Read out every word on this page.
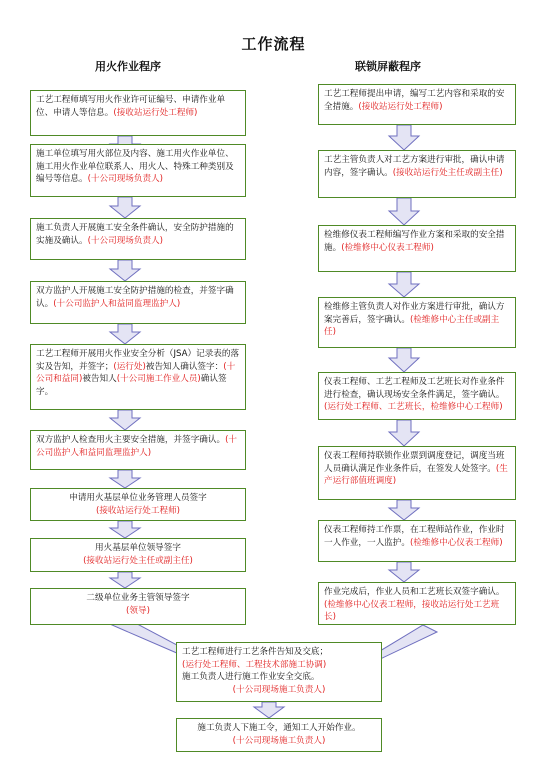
工作流程
用火作业程序	联锁屏蔽程序
工艺工程师填写用火作业许可证编号、申请作业单位、申请人等信息。(接收站运行处工程师)
施工单位填写用火部位及内容、施工用火作业单位、施工用火作业单位联系人、用火人、特殊工种类别及编号等信息。(十公司现场负责人)
施工负责人开展施工安全条件确认，安全防护措施的实施及确认。(十公司现场负责人)
双方监护人开展施工安全防护措施的检查，并签字确认。(十公司监护人和益同监理监护人)
工艺工程师开展用火作业安全分析（JSA）记录表的落实及告知，并签字；(运行处)被告知人确认签字：(十公司和益同)被告知人(十公司施工作业人员)确认签字。
双方监护人检查用火主要安全措施，并签字确认。(十公司监护人和益同监理监护人)
申请用火基层单位业务管理人员签字
(接收站运行处工程师)
用火基层单位领导签字
(接收站运行处主任或副主任)
二级单位业务主管领导签字
(领导)
工艺工程师提出申请，编写工艺内容和采取的安全措施。(接收站运行处工程师)
工艺主管负责人对工艺方案进行审批，确认申请内容，签字确认。(接收站运行处主任或副主任)
检维修仪表工程师编写作业方案和采取的安全措施。(检维修中心仪表工程师)
检维修主管负责人对作业方案进行审批，确认方案完善后，签字确认。(检维修中心主任或副主任)
仪表工程师、工艺工程师及工艺班长对作业条件进行检查，确认现场安全条件满足，签字确认。(运行处工程师、工艺班长，检维修中心工程师)
仪表工程师持联锁作业票到调度登记，调度当班人员确认满足作业条件后，在签发人处签字。(生产运行部值班调度)
仪表工程师持工作票，在工程师站作业，作业时一人作业，一人监护。(检维修中心仪表工程师)
作业完成后，作业人员和工艺班长双签字确认。(检维修中心仪表工程师，接收站运行处工艺班长)
工艺工程师进行工艺条件告知及交底；
(运行处工程师、工程技术部施工协调)
施工负责人进行施工作业安全交底。
(十公司现场施工负责人)
施工负责人下施工令，通知工人开始作业。
(十公司现场施工负责人)
